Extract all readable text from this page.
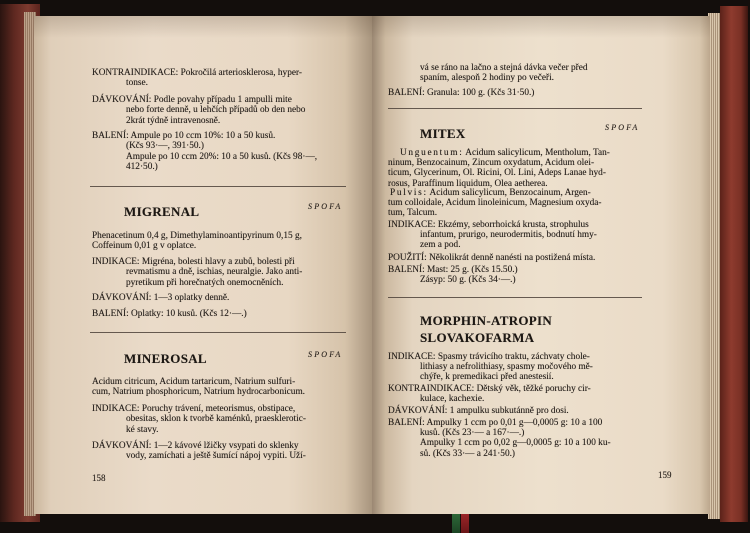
KONTRAINDIKACE: Pokročilá arteriosklerosa, hyper-
tonse.
DÁVKOVÁNÍ: Podle povahy případu 1 ampulli mite
nebo forte denně, u lehčích případů ob den nebo
2krát týdně intravenosně.
BALENÍ: Ampule po 10 ccm 10%: 10 a 50 kusů.
(Kčs 93·—, 391·50.)
Ampule po 10 ccm 20%: 10 a 50 kusů. (Kčs 98·—,
412·50.)
MIGRENAL	SPOFA
Phenacetinum 0,4 g, Dimethylaminoantipyrinum 0,15 g,
Coffeinum 0,01 g v oplatce.
INDIKACE: Migréna, bolesti hlavy a zubů, bolesti při
revmatismu a dně, ischias, neuralgie. Jako anti-
pyretikum při horečnatých onemocněních.
DÁVKOVÁNÍ: 1—3 oplatky denně.
BALENÍ: Oplatky: 10 kusů. (Kčs 12·—.)
MINEROSAL	SPOFA
Acidum citricum, Acidum tartaricum, Natrium sulfuri-
cum, Natrium phosphoricum, Natrium hydrocarbonicum.
INDIKACE: Poruchy trávení, meteorismus, obstipace,
obesitas, sklon k tvorbě kaménků, praesklerotic-
ké stavy.
DÁVKOVÁNÍ: 1—2 kávové lžičky vsypati do sklenky
vody, zamíchati a ještě šumící nápoj vypiti. Uží-
158
vá se ráno na lačno a stejná dávka večer před
spaním, alespoň 2 hodiny po večeři.
BALENÍ: Granula: 100 g. (Kčs 31·50.)
MITEX	SPOFA
Unguentum: Acidum salicylicum, Mentholum, Tan-
ninum, Benzocainum, Zincum oxydatum, Acidum olei-
ticum, Glycerinum, Ol. Ricini, Ol. Lini, Adeps Lanae hyd-
rosus, Paraffinum liquidum, Olea aetherea.
Pulvis: Acidum salicylicum, Benzocainum, Argen-
tum colloidale, Acidum linoleinicum, Magnesium oxyda-
tum, Talcum.
INDIKACE: Ekzémy, seborrhoická krusta, strophulus
infantum, prurigo, neurodermitis, bodnutí hmy-
zem a pod.
POUŽITÍ: Několikrát denně nanésti na postižená místa.
BALENÍ: Mast: 25 g. (Kčs 15.50.)
Zásyp: 50 g. (Kčs 34·—.)
MORPHIN-ATROPIN
SLOVAKOFARMA
INDIKACE: Spasmy trávicího traktu, záchvaty chole-
lithiasy a nefrolithiasy, spasmy močového mě-
chýře, k premedikaci před anestesií.
KONTRAINDIKACE: Dětský věk, těžké poruchy cir-
kulace, kachexie.
DÁVKOVÁNÍ: 1 ampulku subkutánně pro dosi.
BALENÍ: Ampulky 1 ccm po 0,01 g—0,0005 g: 10 a 100
kusů. (Kčs 23·— a 167·—.)
Ampulky 1 ccm po 0,02 g—0,0005 g: 10 a 100 ku-
sů. (Kčs 33·— a 241·50.)
159
